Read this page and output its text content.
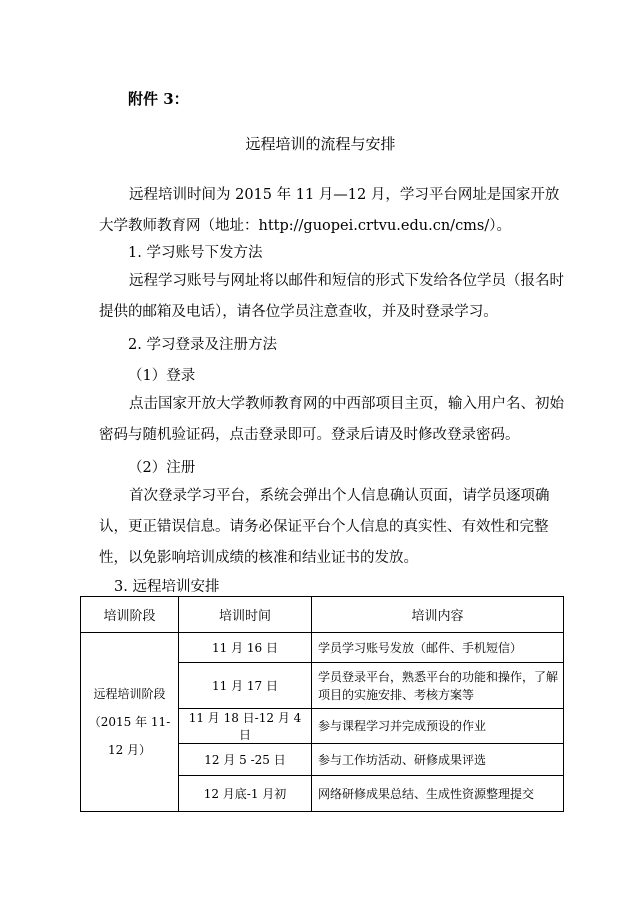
附件 3：
远程培训的流程与安排

远程培训时间为 2015 年 11 月—12 月，学习平台网址是国家开放大学教师教育网（地址：http://guopei.crtvu.edu.cn/cms/）。

1. 学习账号下发方法

远程学习账号与网址将以邮件和短信的形式下发给各位学员（报名时提供的邮箱及电话），请各位学员注意查收，并及时登录学习。

2. 学习登录及注册方法
（1）登录

点击国家开放大学教师教育网的中西部项目主页，输入用户名、初始密码与随机验证码，点击登录即可。登录后请及时修改登录密码。

（2）注册

首次登录学习平台，系统会弹出个人信息确认页面，请学员逐项确认，更正错误信息。请务必保证平台个人信息的真实性、有效性和完整性，以免影响培训成绩的核准和结业证书的发放。

3. 远程培训安排
培训阶段	培训时间	培训内容

远程培训阶段
（2015 年 11-12 月）	11 月 16 日	学员学习账号发放（邮件、手机短信）
	11 月 17 日	学员登录平台，熟悉平台的功能和操作，了解项目的实施安排、考核方案等
	11 月 18 日-12 月 4 日	参与课程学习并完成预设的作业
	12 月 5 -25 日	参与工作坊活动、研修成果评选
	12 月底-1 月初	网络研修成果总结、生成性资源整理提交
